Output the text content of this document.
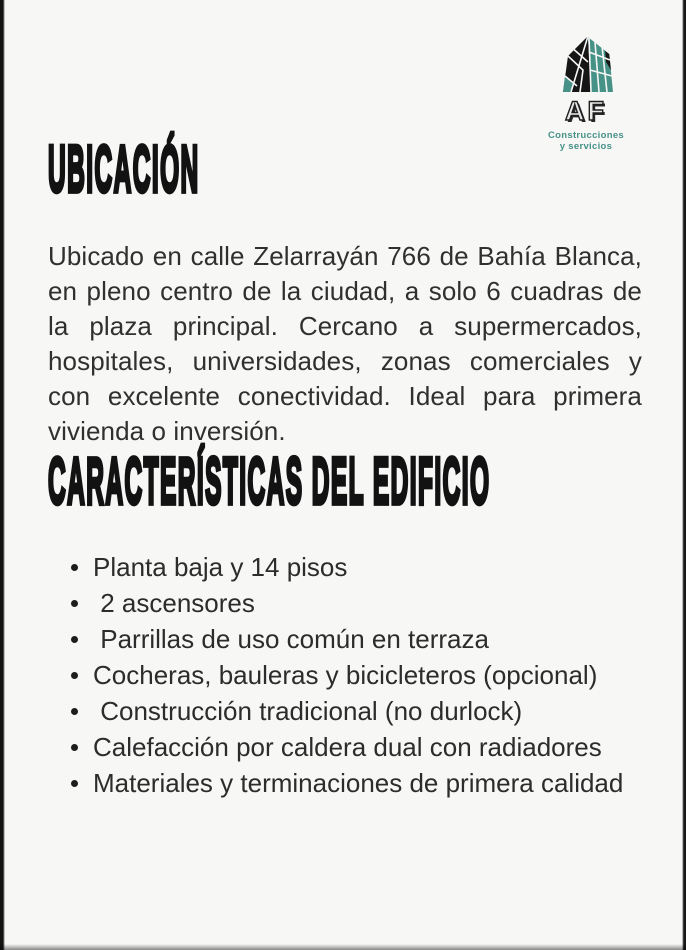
AF
Construcciones
y servicios
UBICACIÓN

Ubicado en calle Zelarrayán 766 de Bahía Blanca, en pleno centro de la ciudad, a solo 6 cuadras de la plaza principal. Cercano a supermercados, hospitales, universidades, zonas comerciales y con excelente conectividad. Ideal para primera vivienda o inversión.

CARACTERÍSTICAS DEL EDIFICIO
Planta baja y 14 pisos
2 ascensores
Parrillas de uso común en terraza
Cocheras, bauleras y bicicleteros (opcional)
Construcción tradicional (no durlock)
Calefacción por caldera dual con radiadores
Materiales y terminaciones de primera calidad
